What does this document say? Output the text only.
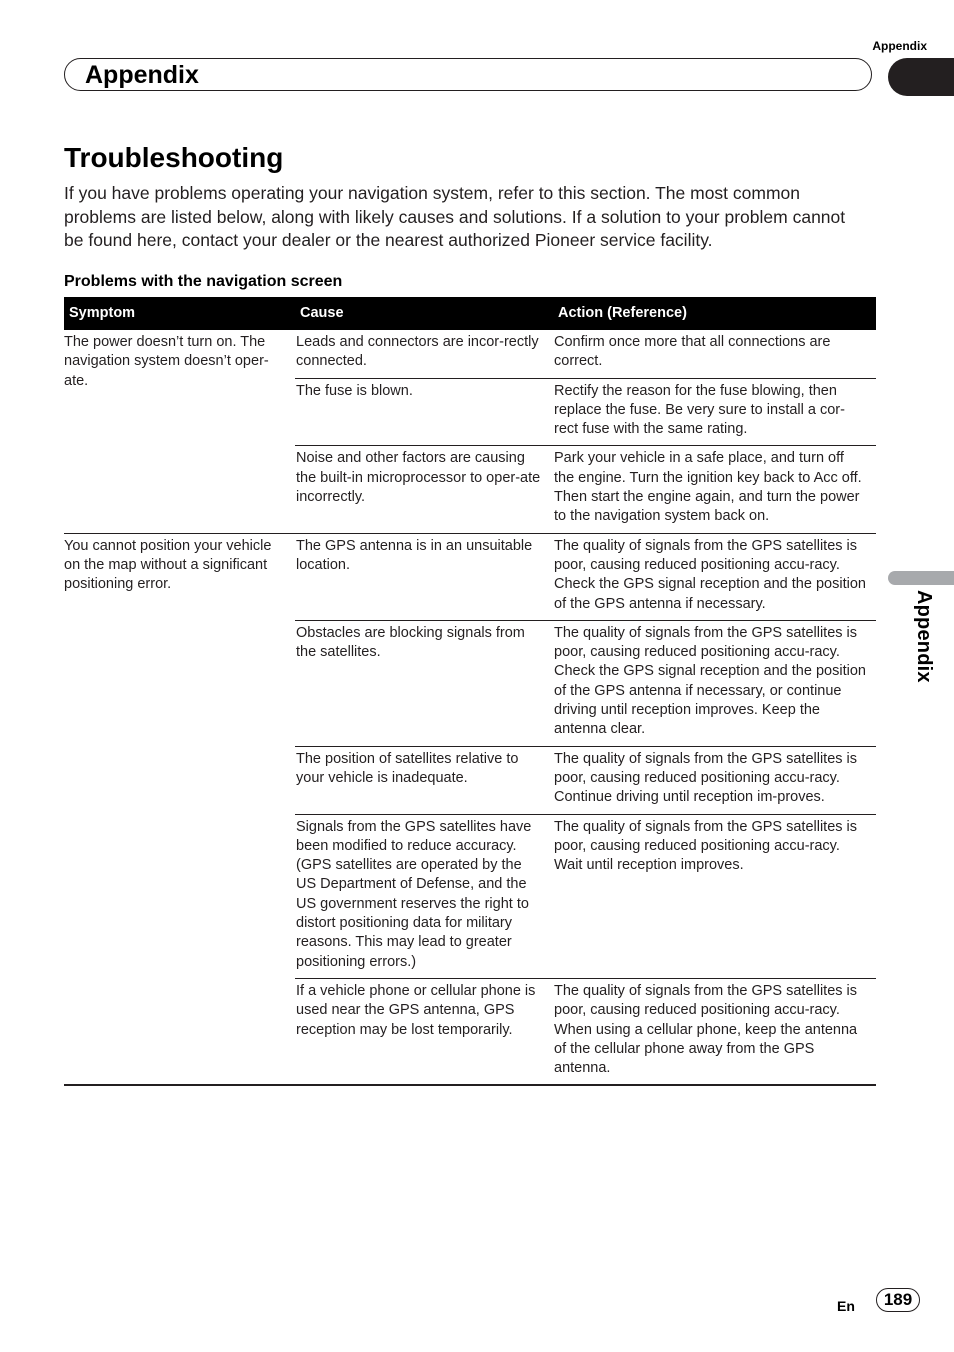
Appendix
Appendix
Troubleshooting

If you have problems operating your navigation system, refer to this section. The most common problems are listed below, along with likely causes and solutions. If a solution to your problem cannot be found here, contact your dealer or the nearest authorized Pioneer service facility.

Problems with the navigation screen
Symptom	Cause	Action (Reference)
The power doesn’t turn on. The navigation system doesn’t oper-ate.	Leads and connectors are incor-rectly connected.	Confirm once more that all connections are correct.
	The fuse is blown.	Rectify the reason for the fuse blowing, then replace the fuse. Be very sure to install a cor-rect fuse with the same rating.
	Noise and other factors are causing the built-in microprocessor to oper-ate incorrectly.	Park your vehicle in a safe place, and turn off the engine. Turn the ignition key back to Acc off. Then start the engine again, and turn the power to the navigation system back on.
You cannot position your vehicle on the map without a significant positioning error.	The GPS antenna is in an unsuitable location.	The quality of signals from the GPS satellites is poor, causing reduced positioning accu-racy. Check the GPS signal reception and the position of the GPS antenna if necessary.
	Obstacles are blocking signals from the satellites.	The quality of signals from the GPS satellites is poor, causing reduced positioning accu-racy. Check the GPS signal reception and the position of the GPS antenna if necessary, or continue driving until reception improves. Keep the antenna clear.
	The position of satellites relative to your vehicle is inadequate.	The quality of signals from the GPS satellites is poor, causing reduced positioning accu-racy. Continue driving until reception im-proves.
	Signals from the GPS satellites have been modified to reduce accuracy. (GPS satellites are operated by the US Department of Defense, and the US government reserves the right to distort positioning data for military reasons. This may lead to greater positioning errors.)	The quality of signals from the GPS satellites is poor, causing reduced positioning accu-racy. Wait until reception improves.
	If a vehicle phone or cellular phone is used near the GPS antenna, GPS reception may be lost temporarily.	The quality of signals from the GPS satellites is poor, causing reduced positioning accu-racy. When using a cellular phone, keep the antenna of the cellular phone away from the GPS antenna.
Appendix
En	189
